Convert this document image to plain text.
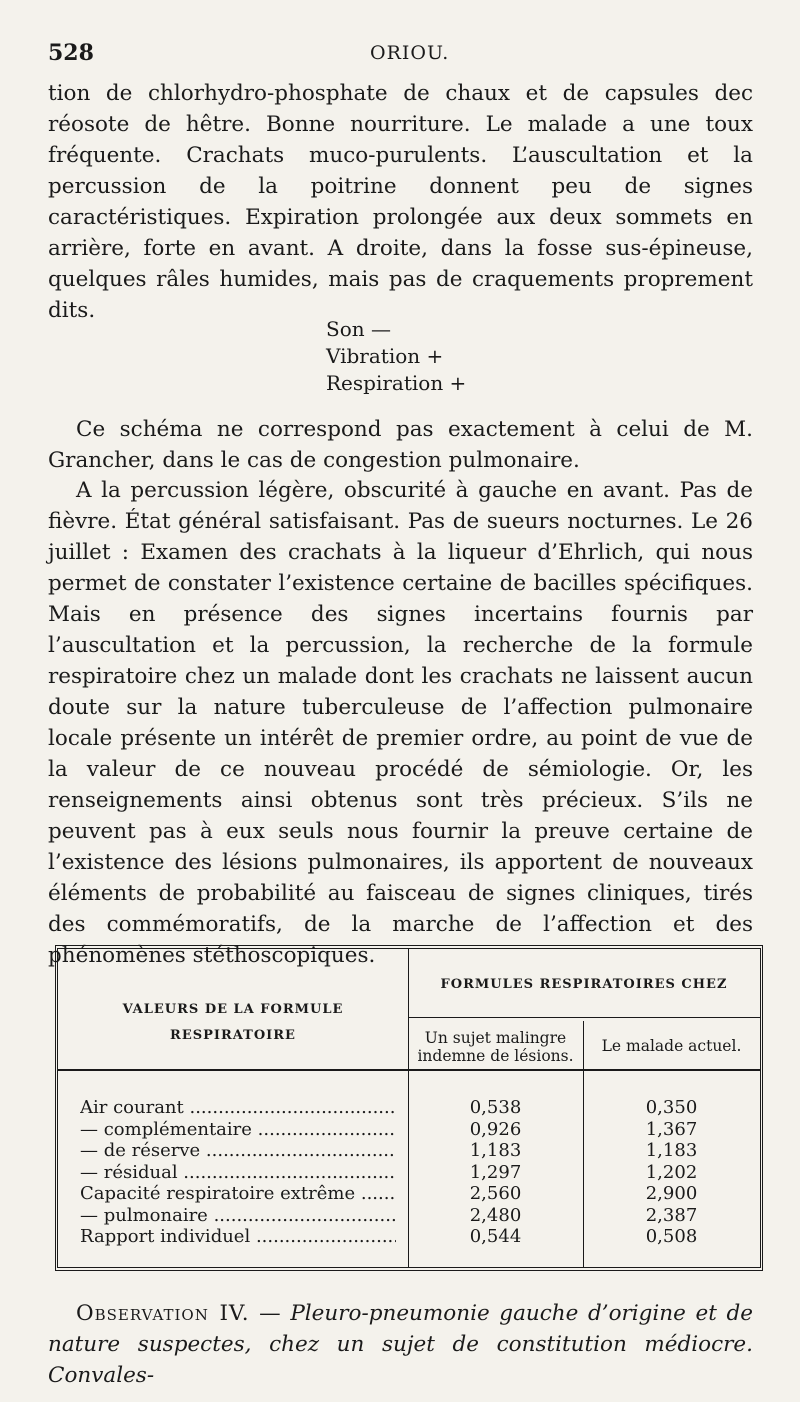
528	ORIOU.

tion de chlorhydro-phosphate de chaux et de capsules dec réosote de hêtre. Bonne nourriture. Le malade a une toux fréquente. Crachats muco-purulents. L’auscultation et la percussion de la poitrine donnent peu de signes caractéristiques. Expiration prolongée aux deux sommets en arrière, forte en avant. A droite, dans la fosse sus-épineuse, quelques râles humides, mais pas de craquements proprement dits.

Son —
Vibration +
Respiration +

Ce schéma ne correspond pas exactement à celui de M. Grancher, dans le cas de congestion pulmonaire.

A la percussion légère, obscurité à gauche en avant. Pas de fièvre. État général satisfaisant. Pas de sueurs nocturnes. Le 26 juillet : Examen des crachats à la liqueur d’Ehrlich, qui nous permet de constater l’existence certaine de bacilles spécifiques. Mais en présence des signes incertains fournis par l’auscultation et la percussion, la recherche de la formule respiratoire chez un malade dont les crachats ne laissent aucun doute sur la nature tuberculeuse de l’affection pulmonaire locale présente un intérêt de premier ordre, au point de vue de la valeur de ce nouveau procédé de sémiologie. Or, les renseignements ainsi obtenus sont très précieux. S’ils ne peuvent pas à eux seuls nous fournir la preuve certaine de l’existence des lésions pulmonaires, ils apportent de nouveaux éléments de probabilité au faisceau de signes cliniques, tirés des commémoratifs, de la marche de l’affection et des phénomènes stéthoscopiques.

VALEURS DE LA FORMULE
RESPIRATOIRE
FORMULES RESPIRATOIRES CHEZ
Un sujet malingre
indemne de lésions.
Le malade actuel.
Air courant .....	0,538	0,350
— complémentaire .....	0,926	1,367
— de réserve .....	1,183	1,183
— résidual .....	1,297	1,202
Capacité respiratoire extrême .....	2,560	2,900
— pulmonaire .....	2,480	2,387
Rapport individuel .....	0,544	0,508

Observation IV. — Pleuro-pneumonie gauche d’origine et de nature suspectes, chez un sujet de constitution médiocre. Convales-
